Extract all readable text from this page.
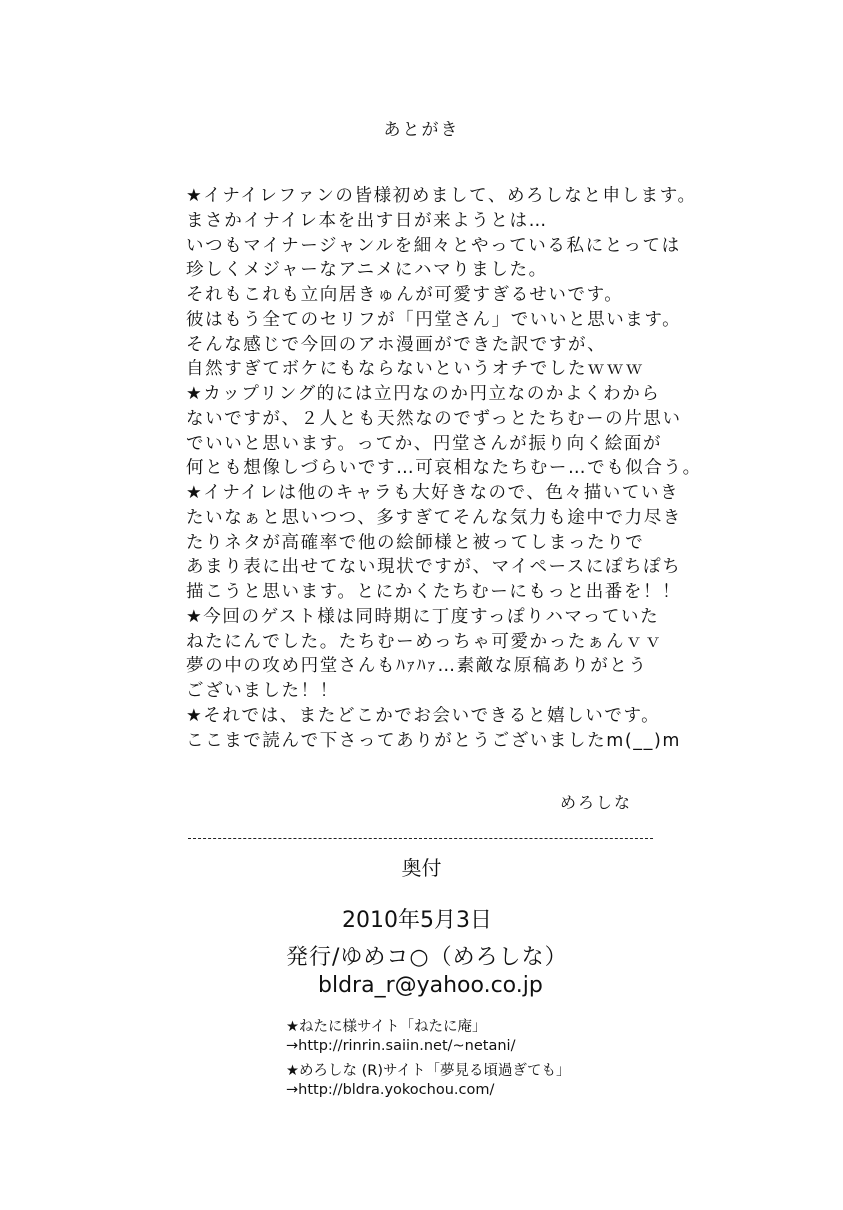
あとがき
★イナイレファンの皆様初めまして、めろしなと申します。
まさかイナイレ本を出す日が来ようとは…
いつもマイナージャンルを細々とやっている私にとっては
珍しくメジャーなアニメにハマりました。
それもこれも立向居きゅんが可愛すぎるせいです。
彼はもう全てのセリフが「円堂さん」でいいと思います。
そんな感じで今回のアホ漫画ができた訳ですが、
自然すぎてボケにもならないというオチでしたｗｗｗ
★カップリング的には立円なのか円立なのかよくわから
ないですが、２人とも天然なのでずっとたちむーの片思い
でいいと思います。ってか、円堂さんが振り向く絵面が
何とも想像しづらいです…可哀相なたちむー…でも似合う。
★イナイレは他のキャラも大好きなので、色々描いていき
たいなぁと思いつつ、多すぎてそんな気力も途中で力尽き
たりネタが高確率で他の絵師様と被ってしまったりで
あまり表に出せてない現状ですが、マイペースにぽちぽち
描こうと思います。とにかくたちむーにもっと出番を！！
★今回のゲスト様は同時期に丁度すっぽりハマっていた
ねたにんでした。たちむーめっちゃ可愛かったぁんｖｖ
夢の中の攻め円堂さんもﾊｧﾊｧ…素敵な原稿ありがとう
ございました！！
★それでは、またどこかでお会いできると嬉しいです。
ここまで読んで下さってありがとうございましたm(__)m
めろしな
奥付
2010年5月3日
発行/ゆめコ○（めろしな）
bldra_r@yahoo.co.jp
★ねたに様サイト「ねたに庵」
→http://rinrin.saiin.net/~netani/
★めろしな (R)サイト「夢見る頃過ぎても」
→http://bldra.yokochou.com/
